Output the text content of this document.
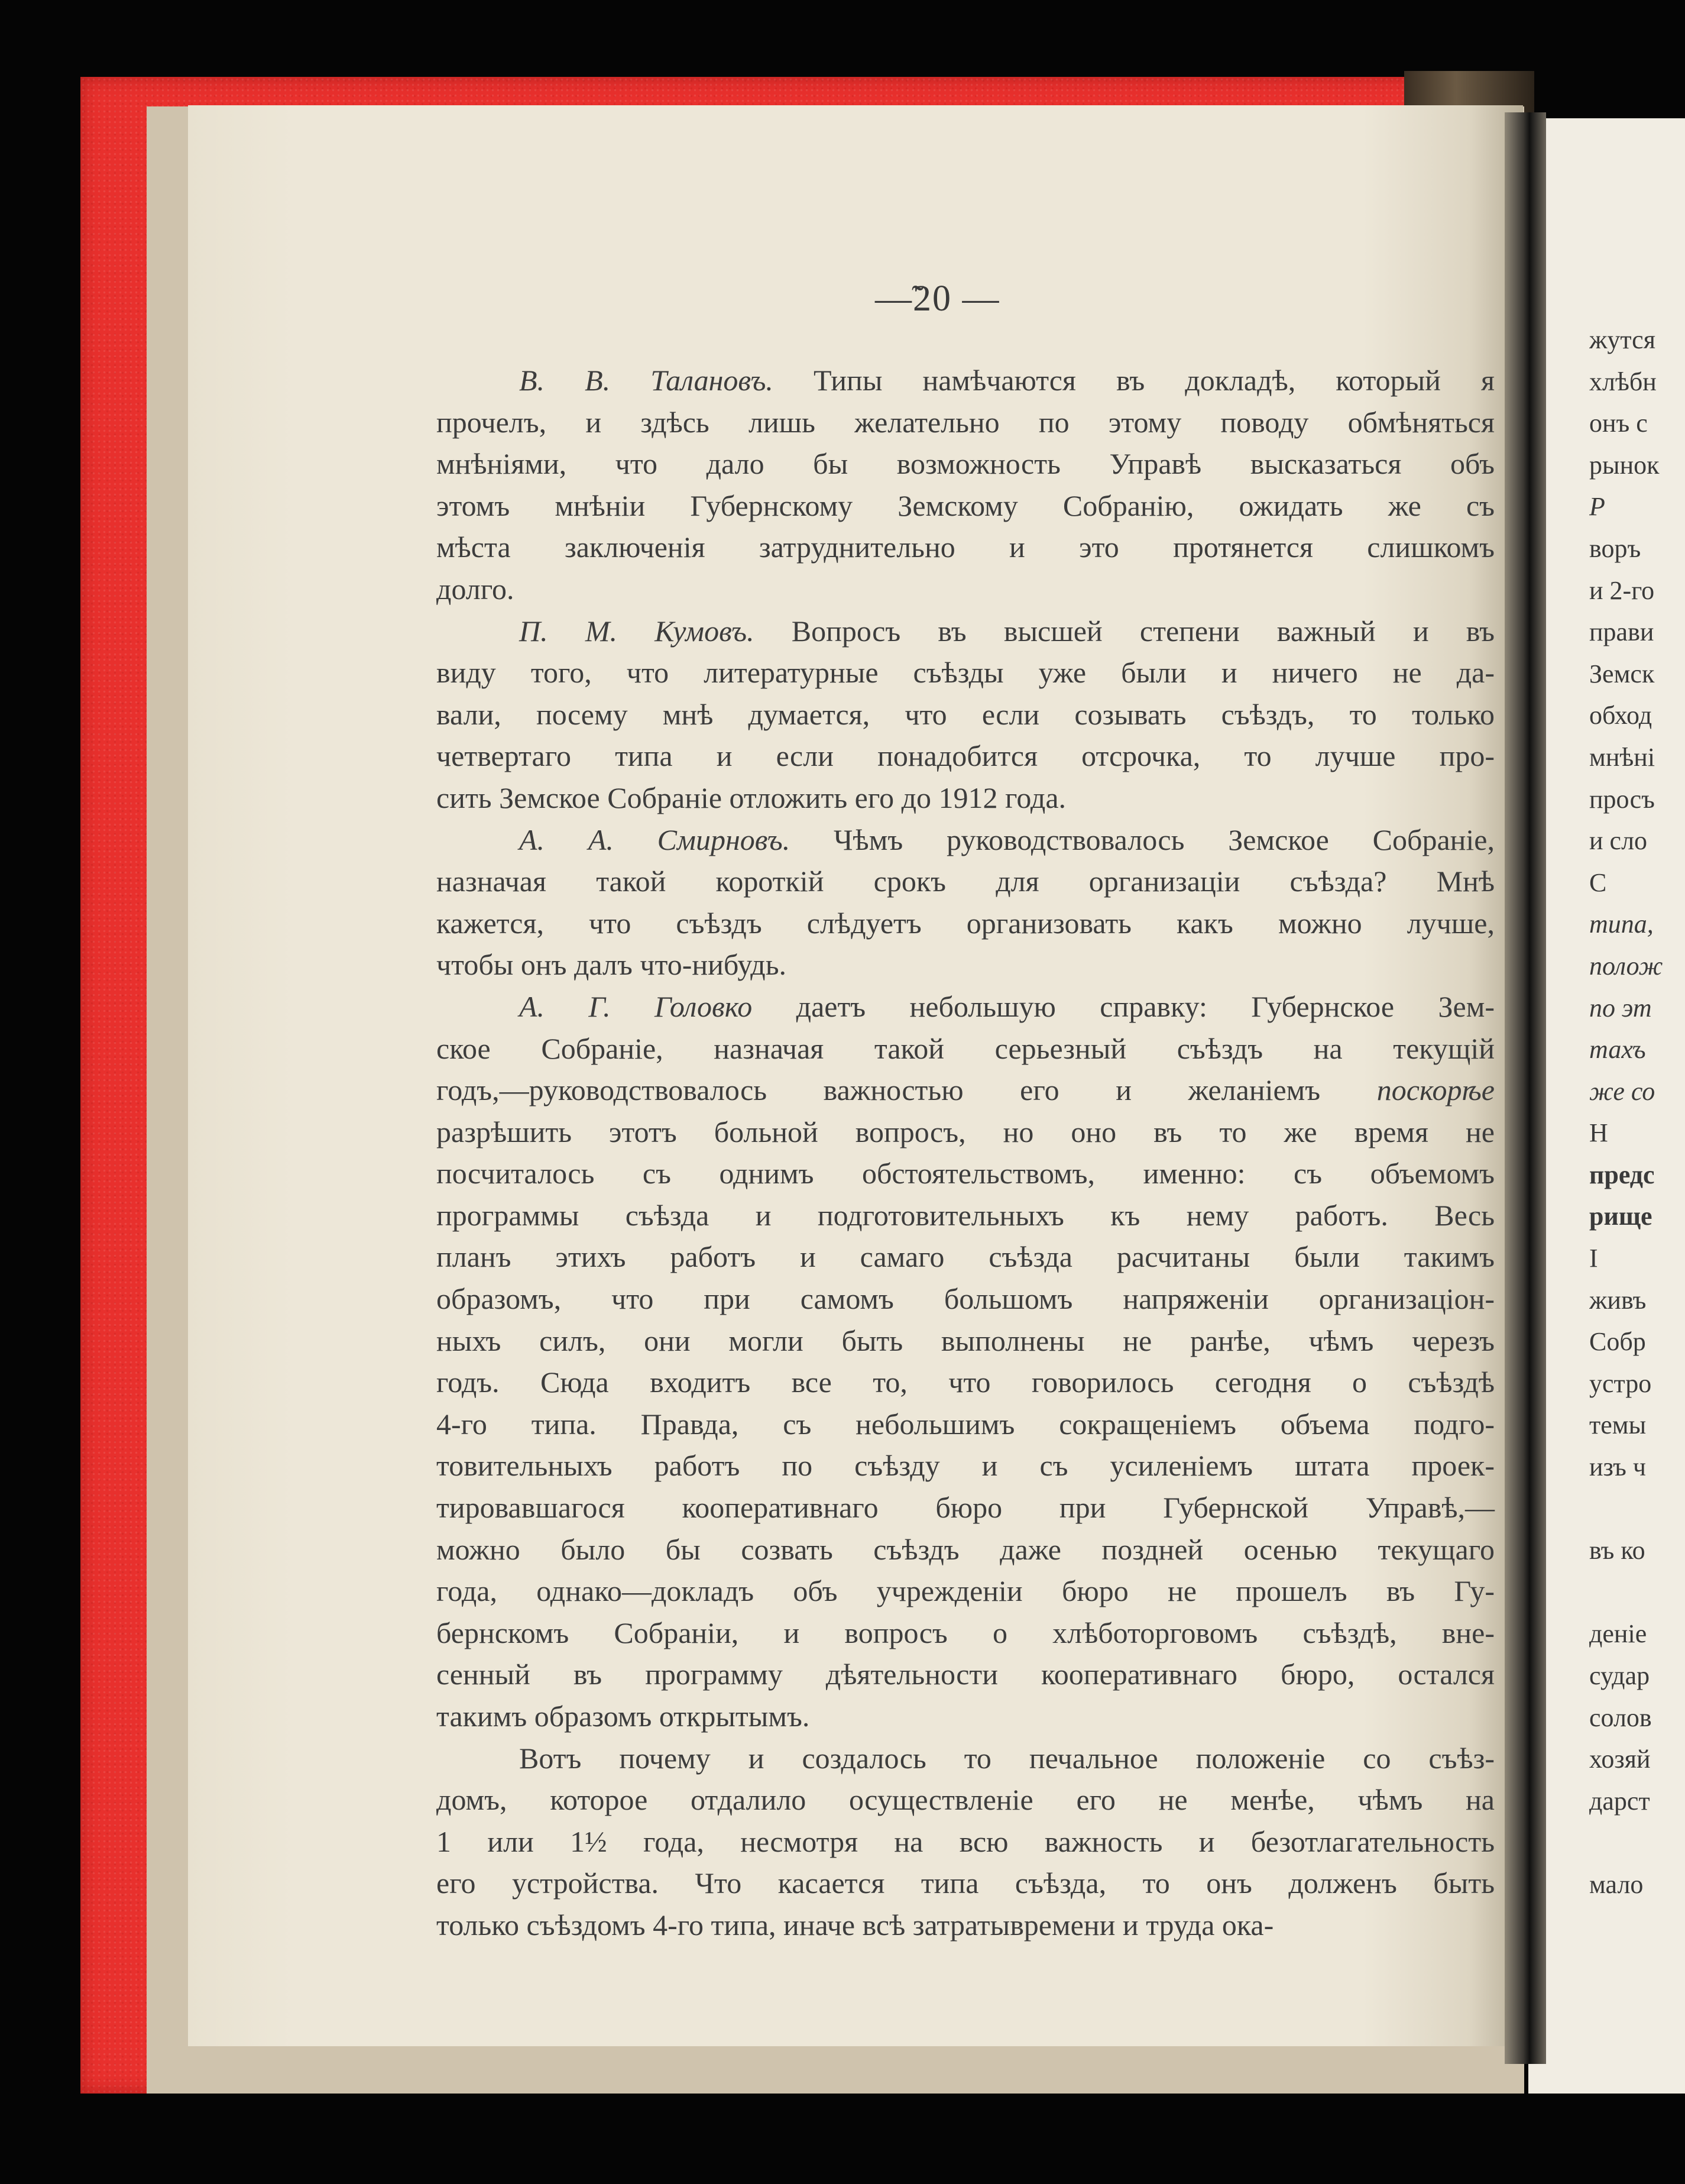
—̃20 —
В. В. Талановъ. Типы намѣчаются въ докладѣ, который я
прочелъ, и здѣсь лишь желательно по этому поводу обмѣняться
мнѣніями, что дало бы возможность Управѣ высказаться объ
этомъ мнѣніи Губернскому Земскому Собранію, ожидать же съ
мѣста заключенія затруднительно и это протянется слишкомъ
долго.
П. М. Кумовъ. Вопросъ въ высшей степени важный и въ
виду того, что литературные съѣзды уже были и ничего не да-
вали, посему мнѣ думается, что если созывать съѣздъ, то только
четвертаго типа и если понадобится отсрочка, то лучше про-
сить Земское Собраніе отложить его до 1912 года.
А. А. Смирновъ. Чѣмъ руководствовалось Земское Собраніе,
назначая такой короткій срокъ для организаціи съѣзда? Мнѣ
кажется, что съѣздъ слѣдуетъ организовать какъ можно лучше,
чтобы онъ далъ что-нибудь.
А. Г. Головко даетъ небольшую справку: Губернское Зем-
ское Собраніе, назначая такой серьезный съѣздъ на текущій
годъ,—руководствовалось важностью его и желаніемъ поскорѣе
разрѣшить этотъ больной вопросъ, но оно въ то же время не
посчиталось съ однимъ обстоятельствомъ, именно: съ объемомъ
программы съѣзда и подготовительныхъ къ нему работъ. Весь
планъ этихъ работъ и самаго съѣзда расчитаны были такимъ
образомъ, что при самомъ большомъ напряженіи организаціон-
ныхъ силъ, они могли быть выполнены не ранѣе, чѣмъ черезъ
годъ. Сюда входитъ все то, что говорилось сегодня о съѣздѣ
4-го типа. Правда, съ небольшимъ сокращеніемъ объема подго-
товительныхъ работъ по съѣзду и съ усиленіемъ штата проек-
тировавшагося кооперативнаго бюро при Губернской Управѣ,—
можно было бы созвать съѣздъ даже поздней осенью текущаго
года, однако—докладъ объ учрежденіи бюро не прошелъ въ Гу-
бернскомъ Собраніи, и вопросъ о хлѣботорговомъ съѣздѣ, вне-
сенный въ программу дѣятельности кооперативнаго бюро, остался
такимъ образомъ открытымъ.
Вотъ почему и создалось то печальное положеніе со съѣз-
домъ, которое отдалило осуществленіе его не менѣе, чѣмъ на
1 или 1½ года, несмотря на всю важность и безотлагательность
его устройства. Что касается типа съѣзда, то онъ долженъ быть
только съѣздомъ 4-го типа, иначе всѣ затратывремени и труда ока-
жутся
хлѣбн
онъ с
рынок
Р
воръ
и 2-го
прави
Земск
обход
мнѣні
просъ
и сло
С
типа,
полож
по эт
тахъ
же со
Н
предс
рище
І
живъ
Собр
устро
темы
изъ ч

въ ко

деніе
судар
солов
хозяй
дарст

мало
